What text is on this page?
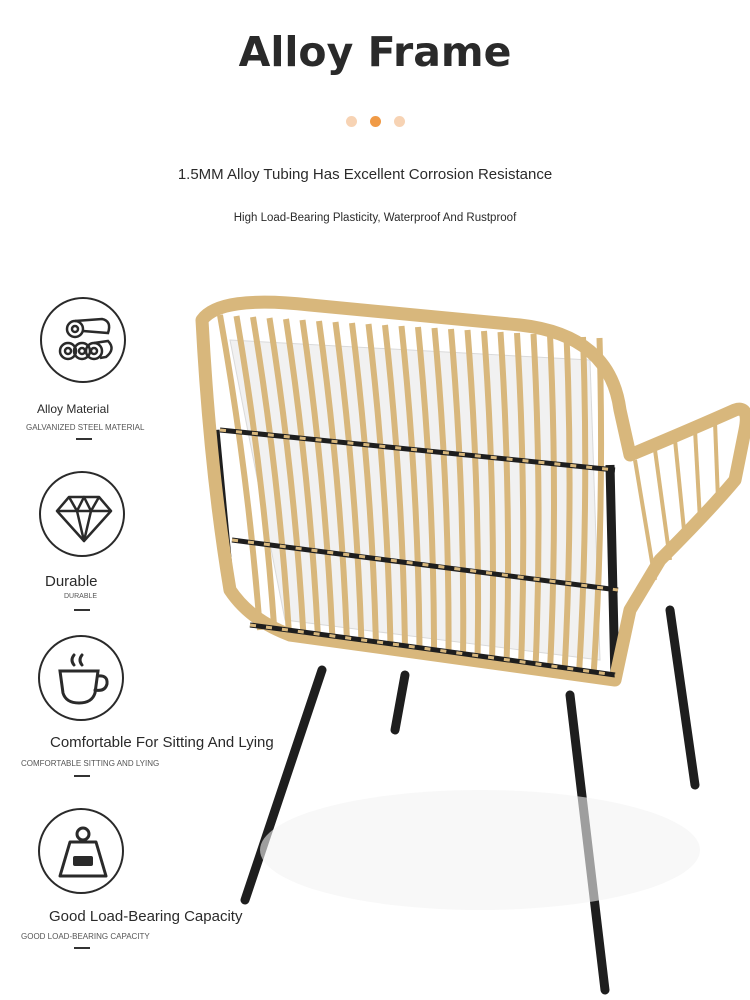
Alloy Frame
1.5MM Alloy Tubing Has Excellent Corrosion Resistance
High Load-Bearing Plasticity, Waterproof And Rustproof
Alloy Material
GALVANIZED STEEL MATERIAL
Durable
DURABLE
Comfortable For Sitting And Lying
COMFORTABLE SITTING AND LYING
Good Load-Bearing Capacity
GOOD LOAD-BEARING CAPACITY
